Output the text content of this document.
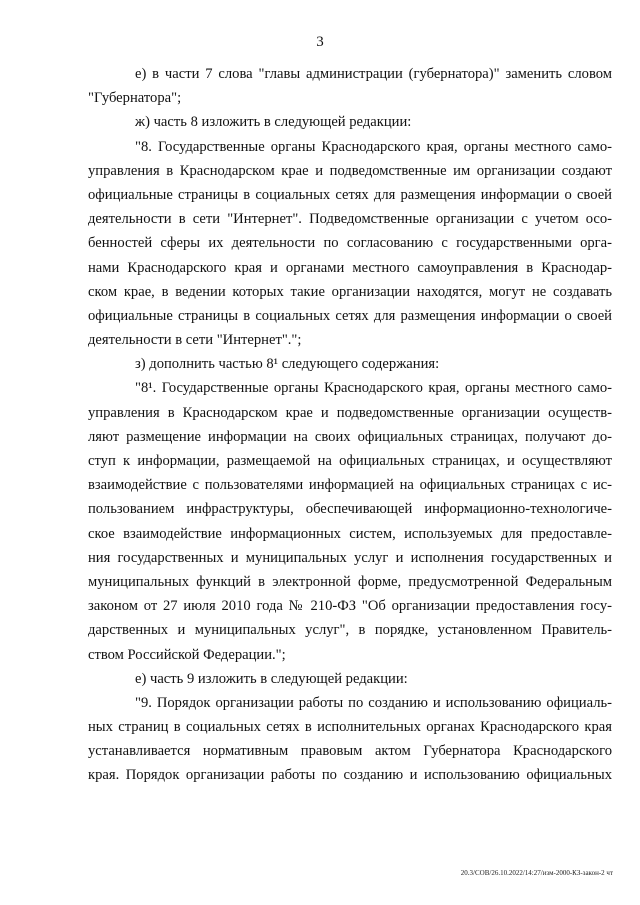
3
е) в части 7 слова "главы администрации (губернатора)" заменить словом
"Губернатора";
ж) часть 8 изложить в следующей редакции:
"8. Государственные органы Краснодарского края, органы местного само-
управления в Краснодарском крае и подведомственные им организации создают
официальные страницы в социальных сетях для размещения информации о своей
деятельности в сети "Интернет". Подведомственные организации с учетом осо-
бенностей сферы их деятельности по согласованию с государственными орга-
нами Краснодарского края и органами местного самоуправления в Краснодар-
ском крае, в ведении которых такие организации находятся, могут не создавать
официальные страницы в социальных сетях для размещения информации о своей
деятельности в сети "Интернет".";
з) дополнить частью 8¹ следующего содержания:
"8¹. Государственные органы Краснодарского края, органы местного само-
управления в Краснодарском крае и подведомственные организации осуществ-
ляют размещение информации на своих официальных страницах, получают до-
ступ к информации, размещаемой на официальных страницах, и осуществляют
взаимодействие с пользователями информацией на официальных страницах с ис-
пользованием инфраструктуры, обеспечивающей информационно-технологиче-
ское взаимодействие информационных систем, используемых для предоставле-
ния государственных и муниципальных услуг и исполнения государственных и
муниципальных функций в электронной форме, предусмотренной Федеральным
законом от 27 июля 2010 года № 210-ФЗ "Об организации предоставления госу-
дарственных и муниципальных услуг", в порядке, установленном Правитель-
ством Российской Федерации.";
е) часть 9 изложить в следующей редакции:
"9. Порядок организации работы по созданию и использованию официаль-
ных страниц в социальных сетях в исполнительных органах Краснодарского края
устанавливается нормативным правовым актом Губернатора Краснодарского
края. Порядок организации работы по созданию и использованию официальных
20.3/СОВ/26.10.2022/14:27/изм-2000-КЗ-закон-2 чт
